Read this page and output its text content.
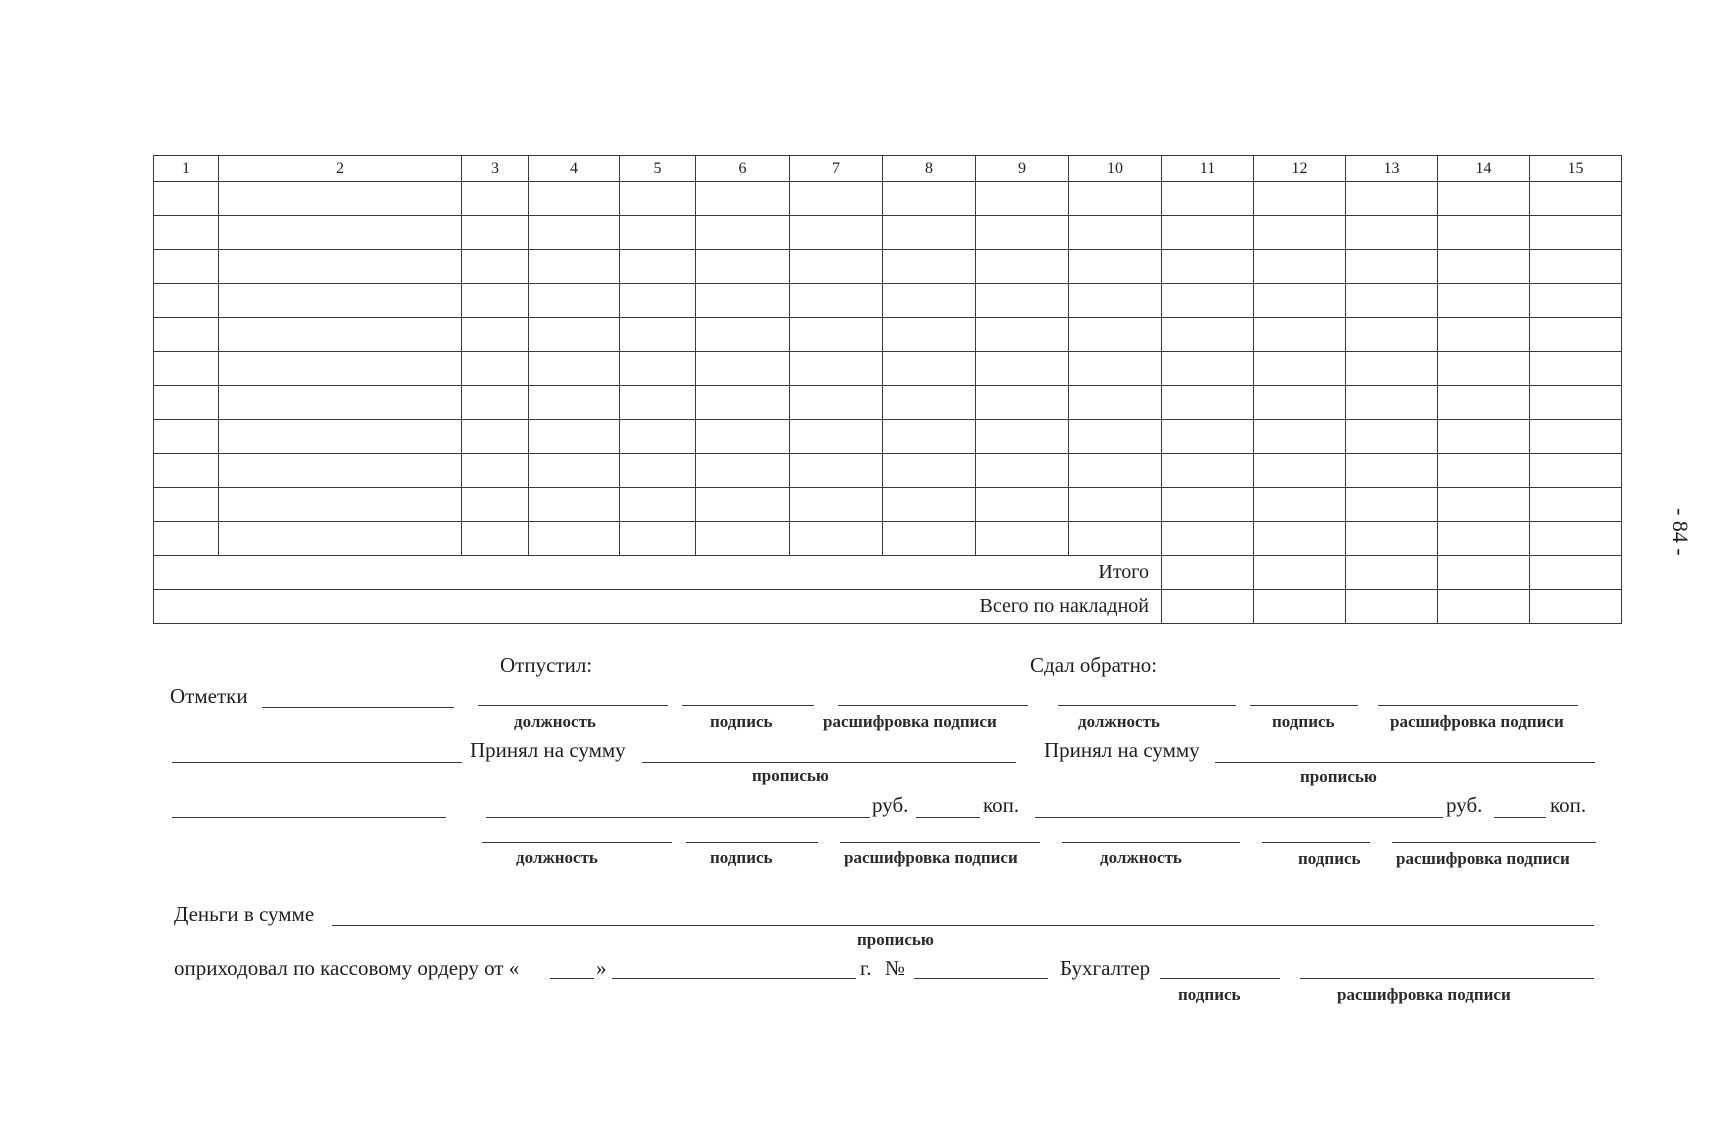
- 84 -
1	2	3	4	5	6	7	8	9	10	11	12	13	14	15

Итого														
Всего по накладной														
Отпустил:	Сдал обратно:
Отметки
должность	подпись	расшифровка подписи	должность	подпись	расшифровка подписи
Принял на сумму	Принял на сумму
прописью	прописью
руб.	коп.	руб.	коп.
должность	подпись	расшифровка подписи	должность	подпись расшифровка подписи
Деньги в сумме
прописью
оприходовал по кассовому ордеру от «	»	г. №	Бухгалтер
подпись	расшифровка подписи
